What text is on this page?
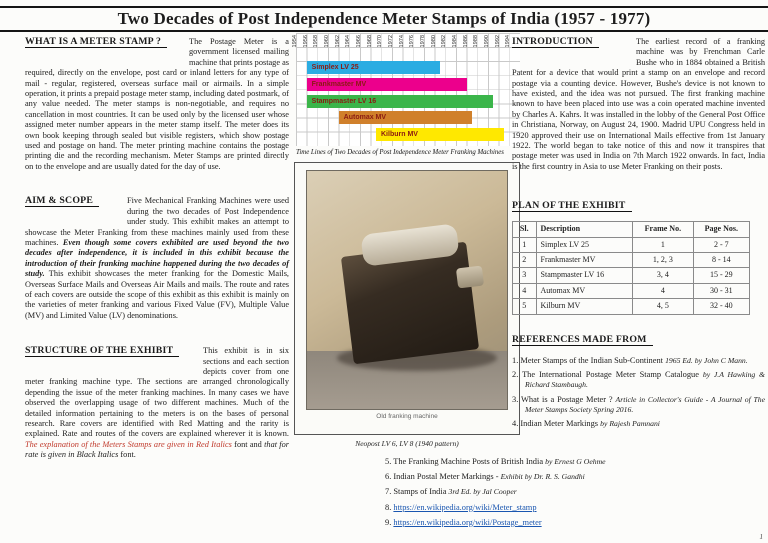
Two Decades of Post Independence Meter Stamps of India (1957 - 1977)

WHAT IS A METER STAMP ?	The Postage Meter is a government licensed mailing machine that prints postage as required, directly on the envelope, post card or inland letters for any type of mail - regular, registered, overseas surface mail or airmails. In a simple operation, it prints a prepaid postage meter stamp, including dated postmark, of any value needed. The meter stamps is non-negotiable, and requires no cancellation in most countries. It can be used only by the licensed user whose assigned meter number appears in the meter stamp itself. The meter does its own book keeping through sealed but visible registers, which show postage used and postage on hand. The meter printing machine contains the postage printing die and the recording mechanism. Meter Stamps are printed directly on to the envelope and are usually dated for the day of use.

AIM & SCOPE	Five Mechanical Franking Machines were used during the two decades of Post Independence under study. This exhibit makes an attempt to showcase the Meter Franking from these machines mainly used from these machines. Even though some covers exhibited are used beyond the two decades after independence, it is included in this exhibit because the introduction of their franking machine happened during the two decades of study. This exhibit showcases the meter franking for the Domestic Mails, Overseas Surface Mails and Overseas Air Mails and mails. The route and rates of each covers are outside the scope of this exhibit as this exhibit is mainly on the varieties of meter franking and various Fixed Value (FV), Multiple Value (MV) and Limited Value (LV) denominations.

STRUCTURE OF THE EXHIBIT	This exhibit is in six sections and each section depicts cover from one meter franking machine type. The sections are arranged chronologically depending the issue of the meter franking machines. In many cases we have observed the overlapping usage of two different machines. Much of the detailed information pertaining to the meters is on the bases of personal research. Rare covers are identified with Red Matting and the rarity is explained. Rate and routes of the covers are explained wherever it is known. The explanation of the Meters Stamps are given in Red Italics font and that for rate is given in Black Italics font.

1954 1956 1958 1960 1962 1964 1966 1968 1970 1972 1974 1976 1978 1980 1982 1984 1986 1988 1990 1992 1994
Simplex LV 25
Frankmaster MV
Stampmaster LV 16
Automax MV
Kilburn MV
Time Lines of Two Decades of Post Independence Meter Franking Machines
Old franking machine
Neopost LV 6, LV 8 (1940 pattern)

INTRODUCTION	The earliest record of a franking machine was by Frenchman Carle Bushe who in 1884 obtained a British Patent for a device that would print a stamp on an envelope and record postage via a counting device. However, Bushe's device is not known to have existed, and the idea was not pursued. The first franking machine known to have been placed into use was a coin operated machine invented by Charles A. Kahrs. It was installed in the lobby of the General Post Office in Christiana, Norway, on August 24, 1900. Madrid UPU Congress held in 1920 approved their use on International Mails effective from 1st January 1922. The world began to take notice of this and now it transpires that postage meter was used in India on 7th March 1922 onwards. In fact, India is the first country in Asia to use Meter Franking on their posts.

PLAN OF THE EXHIBIT
Sl.	Description	Frame No.	Page Nos.
1	Simplex LV 25	1	2 - 7
2	Frankmaster MV	1, 2, 3	8 - 14
3	Stampmaster LV 16	3, 4	15 - 29
4	Automax MV	4	30 - 31
5	Kilburn MV	4, 5	32 - 40
REFERENCES MADE FROM
1. Meter Stamps of the Indian Sub-Continent 1965 Ed. by John C Mann.
2. The International Postage Meter Stamp Catalogue by J.A Hawking & Richard Stambaugh.
3. What is a Postage Meter ? Article in Collector's Guide - A Journal of The Meter Stamps Society Spring 2016.
4. Indian Meter Markings by Rajesh Pamnani
5. The Franking Machine Posts of British India by Ernest G Oehme
6. Indian Postal Meter Markings - Exhibit by Dr. R. S. Gandhi
7. Stamps of India 3rd Ed. by Jal Cooper
8. https://en.wikipedia.org/wiki/Meter_stamp
9. https://en.wikipedia.org/wiki/Postage_meter
1
